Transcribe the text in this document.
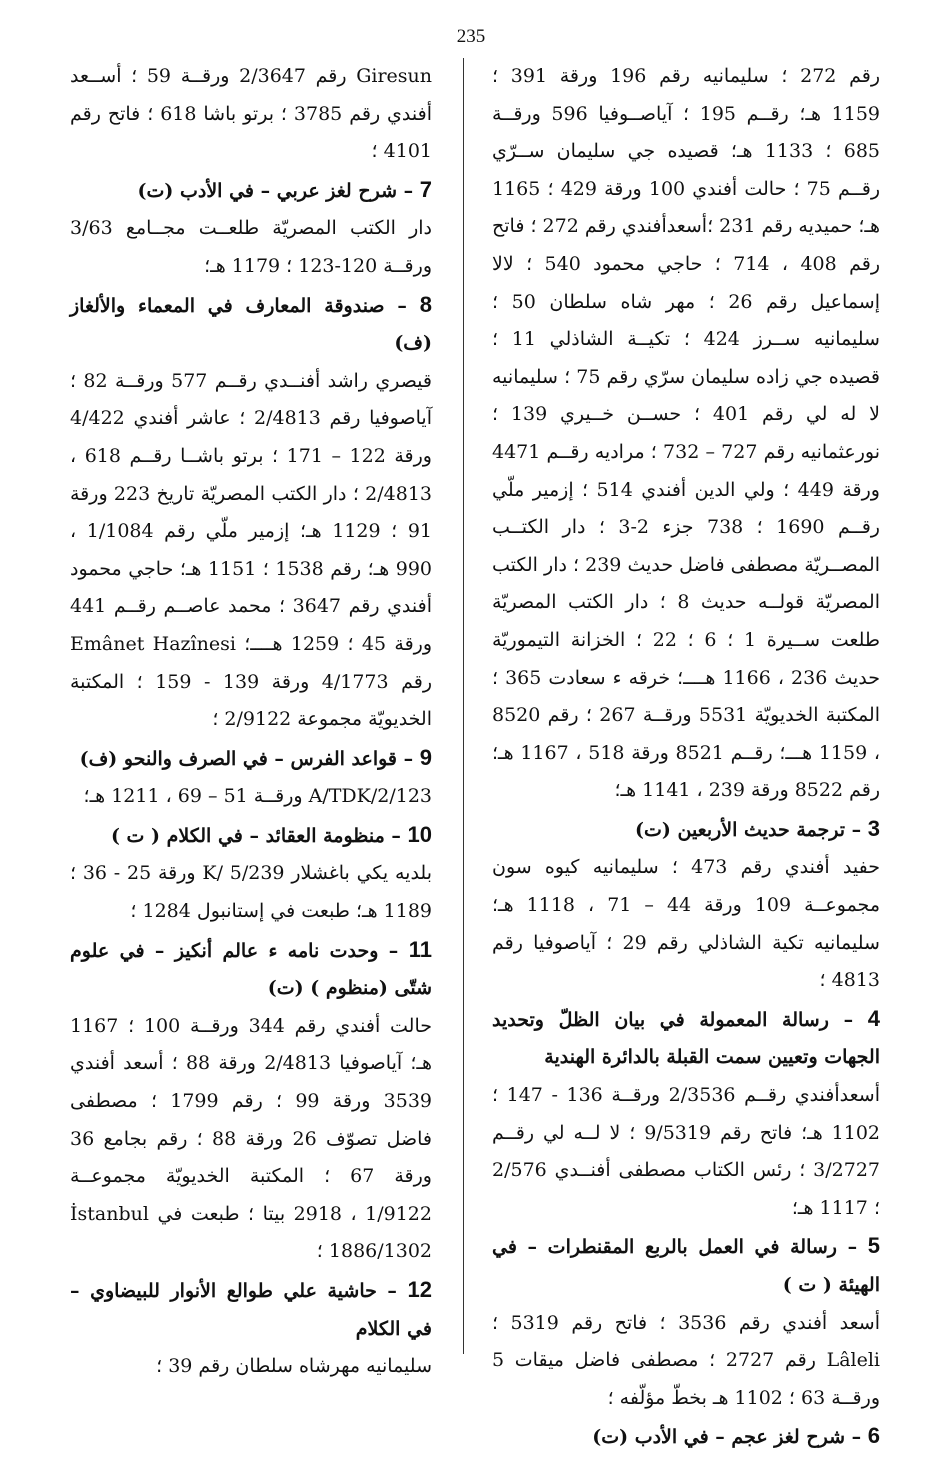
235

رقم 272 ؛ سليمانيه رقم 196 ورقة 391 ؛ 1159 هـ؛ رقــم 195 ؛ آياصــوفيا 596 ورقــة 685 ؛ 1133 هـ؛ قصيده جي سليمان ســرّي رقــم 75 ؛ حالت أفندي 100 ورقة 429 ؛ 1165 هـ؛ حميديه رقم 231 ؛أسعدأفندي رقم 272 ؛ فاتح رقم 408 ، 714 ؛ حاجي محمود 540 ؛ لالا إسماعيل رقم 26 ؛ مهر شاه سلطان 50 ؛ سليمانيه ســرز 424 ؛ تكيــة الشاذلي 11 ؛ قصيده جي زاده سليمان سرّي رقم 75 ؛ سليمانيه لا له لي رقم 401 ؛ حســن خــيري 139 ؛ نورعثمانيه رقم 727 – 732 ؛ مراديه رقــم 4471 ورقة 449 ؛ ولي الدين أفندي 514 ؛ إزمير ملّي رقــم 1690 ؛ 738 جزء 2-3 ؛ دار الكتــب المصــريّة مصطفى فاضل حديث 239 ؛ دار الكتب المصريّة قولــه حديث 8 ؛ دار الكتب المصريّة طلعت ســيرة 1 ؛ 6 ؛ 22 ؛ الخزانة التيموريّة حديث 236 ، 1166 هــــ؛ خرقه ء سعادت 365 ؛ المكتبة الخديويّة 5531 ورقــة 267 ؛ رقم 8520 ، 1159 هـــ؛ رقــم 8521 ورقة 518 ، 1167 هـ؛ رقم 8522 ورقة 239 ، 1141 هـ؛

3 – ترجمة حديث الأربعين (ت)

حفيد أفندي رقم 473 ؛ سليمانيه كيوه سون مجموعــة 109 ورقة 44 – 71 ، 1118 هـ؛ سليمانيه تكية الشاذلي رقم 29 ؛ آياصوفيا رقم 4813 ؛

4 – رسالة المعمولة في بيان الظلّ وتحديد الجهات وتعيين سمت القبلة بالدائرة الهندية

أسعدأفندي رقــم 2/3536 ورقــة 136 - 147 ؛ 1102 هـ؛ فاتح رقم 9/5319 ؛ لا لــه لي رقــم 3/2727 ؛ رئس الكتاب مصطفى أفنــدي 2/576 ؛ 1117 هـ؛

5 – رسالة في العمل بالربع المقنطرات – في الهيئة ( ت )

أسعد أفندي رقم 3536 ؛ فاتح رقم 5319 ؛ Lâleli رقم 2727 ؛ مصطفى فاضل ميقات 5 ورقــة 63 ؛ 1102 هـ بخطّ مؤلّفه ؛

6 – شرح لغز عجم – في الأدب (ت)

Giresun رقم 2/3647 ورقــة 59 ؛ أســعد أفندي رقم 3785 ؛ برتو باشا 618 ؛ فاتح رقم 4101 ؛

7 – شرح لغز عربي – في الأدب (ت)

دار الكتب المصريّة طلعــت مجــامع 3/63 ورقــة 120-123 ؛ 1179 هـ؛

8 – صندوقة المعارف في المعماء والألغاز (ف)

قيصري راشد أفنــدي رقــم 577 ورقــة 82 ؛ آياصوفيا رقم 2/4813 ؛ عاشر أفندي 4/422 ورقة 122 – 171 ؛ برتو باشــا رقــم 618 ، 2/4813 ؛ دار الكتب المصريّة تاريخ 223 ورقة 91 ؛ 1129 هـ؛ إزمير ملّي رقم 1/1084 ، 990 هـ؛ رقم 1538 ؛ 1151 هـ؛ حاجي محمود أفندي رقم 3647 ؛ محمد عاصــم رقــم 441 ورقة 45 ؛ 1259 هــــ؛ Emânet Hazînesi رقم 4/1773 ورقة 139 - 159 ؛ المكتبة الخديويّة مجموعة 2/9122 ؛

9 – قواعد الفرس – في الصرف والنحو (ف)

2/123/A/TDK ورقــة 51 – 69 ، 1211 هـ؛

10 – منظومة العقائد – في الكلام ( ت )

بلديه يكي باغشلار K/ 5/239 ورقة 25 - 36 ؛1189 هـ؛ طبعت في إستانبول 1284 ؛

11 – وحدت نامه ء عالم أنكيز – في علوم شتّى (منظوم ) (ت)

حالت أفندي رقم 344 ورقــة 100 ؛ 1167 هـ؛ آياصوفيا 2/4813 ورقة 88 ؛ أسعد أفندي 3539 ورقة 99 ؛ رقم 1799 ؛ مصطفى فاضل تصوّف 26 ورقة 88 ؛ رقم بجامع 36 ورقة 67 ؛ المكتبة الخديويّة مجموعــة 1/9122 ، 2918 بيتا ؛ طبعت في İstanbul 1886/1302 ؛

12 – حاشية علي طوالع الأنوار للبيضاوي – في الكلام

سليمانيه مهرشاه سلطان رقم 39 ؛
